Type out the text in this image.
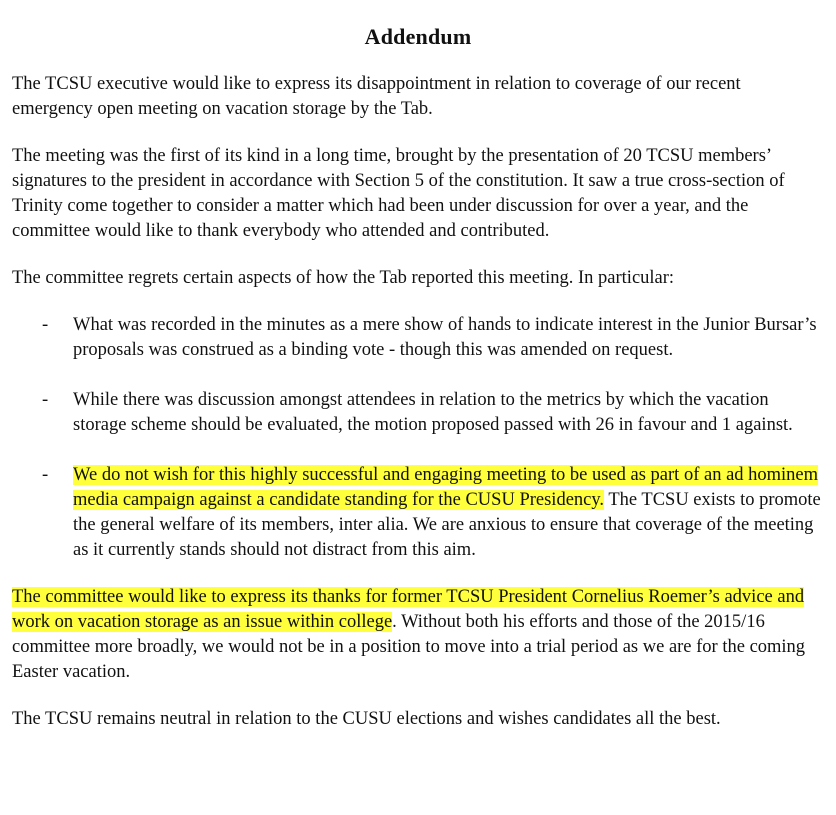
Addendum

The TCSU executive would like to express its disappointment in relation to coverage of our recent emergency open meeting on vacation storage by the Tab.

The meeting was the first of its kind in a long time, brought by the presentation of 20 TCSU members’ signatures to the president in accordance with Section 5 of the constitution. It saw a true cross-section of Trinity come together to consider a matter which had been under discussion for over a year, and the committee would like to thank everybody who attended and contributed.

The committee regrets certain aspects of how the Tab reported this meeting. In particular:

- What was recorded in the minutes as a mere show of hands to indicate interest in the Junior Bursar’s proposals was construed as a binding vote - though this was amended on request.
- While there was discussion amongst attendees in relation to the metrics by which the vacation storage scheme should be evaluated, the motion proposed passed with 26 in favour and 1 against.
- We do not wish for this highly successful and engaging meeting to be used as part of an ad hominem media campaign against a candidate standing for the CUSU Presidency. The TCSU exists to promote the general welfare of its members, inter alia. We are anxious to ensure that coverage of the meeting as it currently stands should not distract from this aim.

The committee would like to express its thanks for former TCSU President Cornelius Roemer’s advice and work on vacation storage as an issue within college. Without both his efforts and those of the 2015/16 committee more broadly, we would not be in a position to move into a trial period as we are for the coming Easter vacation.

The TCSU remains neutral in relation to the CUSU elections and wishes candidates all the best.
